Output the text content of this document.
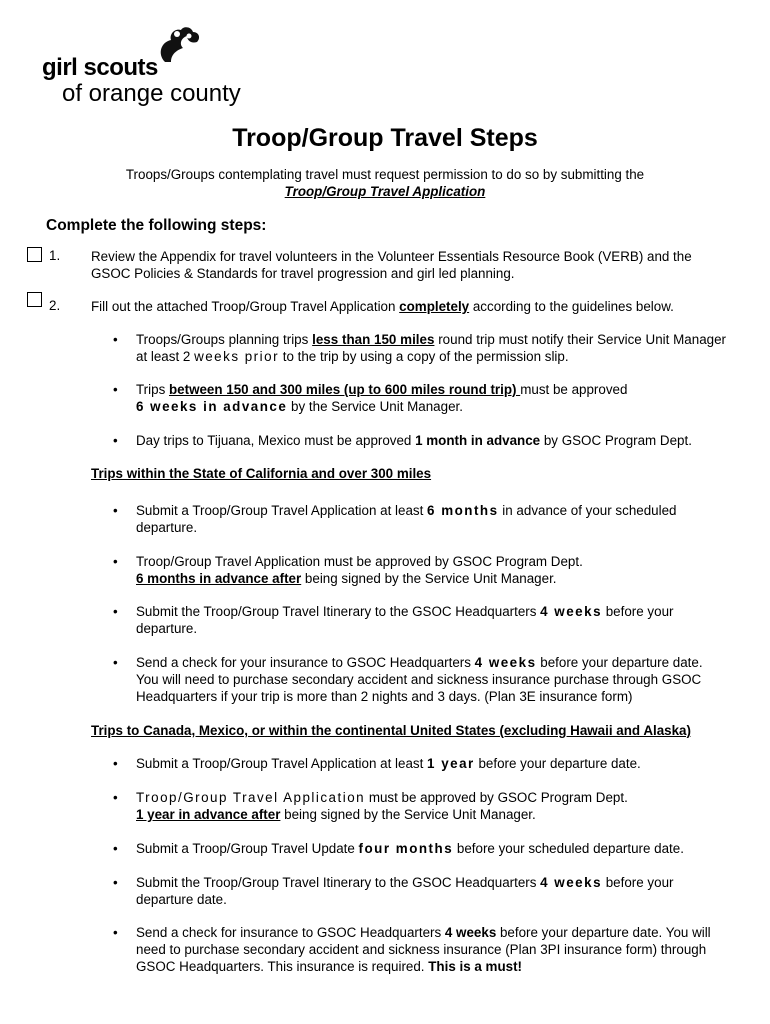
girl scouts
of orange county
Troop/Group Travel Steps
Troops/Groups contemplating travel must request permission to do so by submitting the
Troop/Group Travel Application
Complete the following steps:
1. Review the Appendix for travel volunteers in the Volunteer Essentials Resource Book (VERB) and the GSOC Policies & Standards for travel progression and girl led planning.
2. Fill out the attached Troop/Group Travel Application completely according to the guidelines below.
• Troops/Groups planning trips less than 150 miles round trip must notify their Service Unit Manager at least 2 weeks prior to the trip by using a copy of the permission slip.
• Trips between 150 and 300 miles (up to 600 miles round trip) must be approved
6 weeks in advance by the Service Unit Manager.
• Day trips to Tijuana, Mexico must be approved 1 month in advance by GSOC Program Dept.
Trips within the State of California and over 300 miles
• Submit a Troop/Group Travel Application at least 6 months in advance of your scheduled departure.
• Troop/Group Travel Application must be approved by GSOC Program Dept.
6 months in advance after being signed by the Service Unit Manager.
• Submit the Troop/Group Travel Itinerary to the GSOC Headquarters 4 weeks before your departure.
• Send a check for your insurance to GSOC Headquarters 4 weeks before your departure date. You will need to purchase secondary accident and sickness insurance purchase through GSOC Headquarters if your trip is more than 2 nights and 3 days. (Plan 3E insurance form)
Trips to Canada, Mexico, or within the continental United States (excluding Hawaii and Alaska)
• Submit a Troop/Group Travel Application at least 1 year before your departure date.
• Troop/Group Travel Application must be approved by GSOC Program Dept.
1 year in advance after being signed by the Service Unit Manager.
• Submit a Troop/Group Travel Update four months before your scheduled departure date.
• Submit the Troop/Group Travel Itinerary to the GSOC Headquarters 4 weeks before your departure date.
• Send a check for insurance to GSOC Headquarters 4 weeks before your departure date. You will need to purchase secondary accident and sickness insurance (Plan 3PI insurance form) through GSOC Headquarters. This insurance is required. This is a must!
